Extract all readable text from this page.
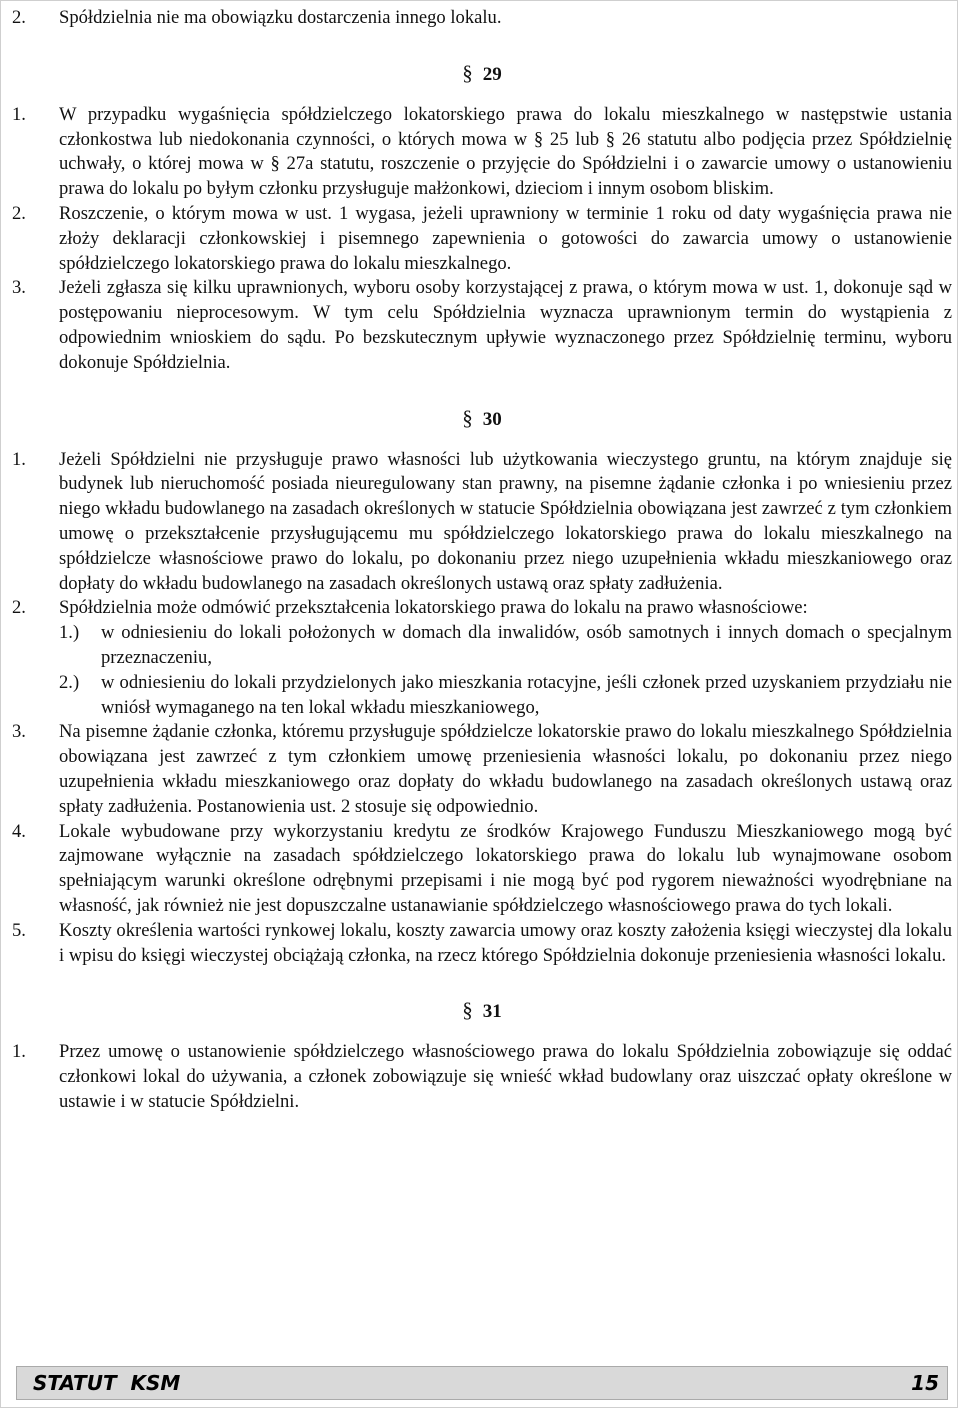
2.	Spółdzielnia nie ma obowiązku dostarczenia innego lokalu.
§ 29
1.	W przypadku wygaśnięcia spółdzielczego lokatorskiego prawa do lokalu mieszkalnego w następstwie ustania członkostwa lub niedokonania czynności, o których mowa w § 25 lub § 26 statutu albo podjęcia przez Spółdzielnię uchwały, o której mowa w § 27a statutu, roszczenie o przyjęcie do Spółdzielni i o zawarcie umowy o ustanowieniu prawa do lokalu po byłym członku przysługuje małżonkowi, dzieciom i innym osobom bliskim.
2.	Roszczenie, o którym mowa w ust. 1 wygasa, jeżeli uprawniony w terminie 1 roku od daty wygaśnięcia prawa nie złoży deklaracji członkowskiej i pisemnego zapewnienia o gotowości do zawarcia umowy o ustanowienie spółdzielczego lokatorskiego prawa do lokalu mieszkalnego.
3.	Jeżeli zgłasza się kilku uprawnionych, wyboru osoby korzystającej z prawa, o którym mowa w ust. 1, dokonuje sąd w postępowaniu nieprocesowym. W tym celu Spółdzielnia wyznacza uprawnionym termin do wystąpienia z odpowiednim wnioskiem do sądu. Po bezskutecznym upływie wyznaczonego przez Spółdzielnię terminu, wyboru dokonuje Spółdzielnia.
§ 30
1.	Jeżeli Spółdzielni nie przysługuje prawo własności lub użytkowania wieczystego gruntu, na którym znajduje się budynek lub nieruchomość posiada nieuregulowany stan prawny, na pisemne żądanie członka i po wniesieniu przez niego wkładu budowlanego na zasadach określonych w statucie Spółdzielnia obowiązana jest zawrzeć z tym członkiem umowę o przekształcenie przysługującemu mu spółdzielczego lokatorskiego prawa do lokalu mieszkalnego na spółdzielcze własnościowe prawo do lokalu, po dokonaniu przez niego uzupełnienia wkładu mieszkaniowego oraz dopłaty do wkładu budowlanego na zasadach określonych ustawą oraz spłaty zadłużenia.
2.	Spółdzielnia może odmówić przekształcenia lokatorskiego prawa do lokalu na prawo własnościowe:
1.)	w odniesieniu do lokali położonych w domach dla inwalidów, osób samotnych i innych domach o specjalnym przeznaczeniu,
2.)	w odniesieniu do lokali przydzielonych jako mieszkania rotacyjne, jeśli członek przed uzyskaniem przydziału nie wniósł wymaganego na ten lokal wkładu mieszkaniowego,
3.	Na pisemne żądanie członka, któremu przysługuje spółdzielcze lokatorskie prawo do lokalu mieszkalnego Spółdzielnia obowiązana jest zawrzeć z tym członkiem umowę przeniesienia własności lokalu, po dokonaniu przez niego uzupełnienia wkładu mieszkaniowego oraz dopłaty do wkładu budowlanego na zasadach określonych ustawą oraz spłaty zadłużenia. Postanowienia ust. 2 stosuje się odpowiednio.
4.	Lokale wybudowane przy wykorzystaniu kredytu ze środków Krajowego Funduszu Mieszkaniowego mogą być zajmowane wyłącznie na zasadach spółdzielczego lokatorskiego prawa do lokalu lub wynajmowane osobom spełniającym warunki określone odrębnymi przepisami i nie mogą być pod rygorem nieważności wyodrębniane na własność, jak również nie jest dopuszczalne ustanawianie spółdzielczego własnościowego prawa do tych lokali.
5.	Koszty określenia wartości rynkowej lokalu, koszty zawarcia umowy oraz koszty założenia księgi wieczystej dla lokalu i wpisu do księgi wieczystej obciążają członka, na rzecz którego Spółdzielnia dokonuje przeniesienia własności lokalu.
§ 31
1.	Przez umowę o ustanowienie spółdzielczego własnościowego prawa do lokalu Spółdzielnia zobowiązuje się oddać członkowi lokal do używania, a członek zobowiązuje się wnieść wkład budowlany oraz uiszczać opłaty określone w ustawie i w statucie Spółdzielni.
STATUT  KSM	15
